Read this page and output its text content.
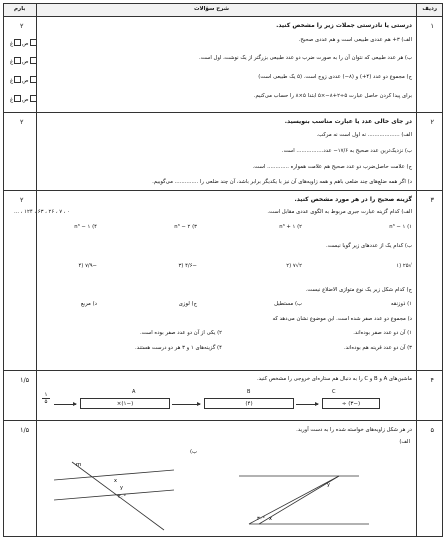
ردیف
شرح سؤالات
بارم
۱
۲	درستی یا نادرستی جملات زیر را مشخص کنید.
الف) ۳+ هم عددی طبیعی است و هم عددی صحیح.
ب) هر عدد طبیعی که نتوان آن را به صورت ضرب دو عدد طبیعی بزرگتر از یک نوشت، اول است.
ج) مجموع دو عدد (۴+) و (۸−) عددی زوج است. (۵ یک طبیعی است)
برای پیدا کردن حاصل عبارت ۵÷۲+۸−×۵ ابتدا ۵×۸ را حساب می‌کنیم.
صغ
صغ
صغ
صغ
۲
۲	در جای خالی عدد یا عبارت مناسب بنویسید.
الف) ................... نه اول است نه مرکب.
ب) نزدیک‌ترین عدد صحیح به ۱۷/۶− عدد................ است.
ج) علامت حاصل‌ضرب دو عدد صحیح هم علامت همواره ............. است.
د) اگر همه ضلع‌های چند ضلعی باهم و همه زاویه‌های آن نیز با یکدیگر برابر باشد، آن چند ضلعی را .............. می‌گوییم.
۳
۲	گزینه صحیح را در هر مورد مشخص کنید.
الف) کدام گزینه عبارت جبری مربوط به الگوی عددی مقابل است.
... ، ۱۲۴ ، ۶۳ ، ۲۶ ، ۷ ، ۰
n³ − ۱ (۱
n³ + ۱ (۲
n³ − ۲ (۳
n³ − ۱ (۴
ب) کدام یک از عددهای زیر گویا نیست.
√۲۵ (۱
۲√۷ (۲
−۴/۶ (۳
−۷/۹ (۴
ج) کدام شکل زیر یک نوع متوازی الاضلاع نیست.
۱) ذوزنقه
ب) مستطیل
ج) لوزی
د) مربع
د) مجموع دو عدد صفر شده است. این موضوع نشان می‌دهد که
۱) آن دو عدد صفر بوده‌اند.
۲) یکی از آن دو عدد صفر بوده است.
۳) آن دو عدد قرینه هم بوده‌اند.
۴) گزینه‌های ۱ و ۳ هر دو درست هستند.
۴
۱/۵	ماشین‌های A و B و C را به دنبال هم ستاره‌ای خروجی را مشخص کنید.
۱
۵
A
×(۱−)
B
(۴)
C
÷ (۳−)
۵
۱/۵	در هر شکل زاویه‌های خواسته شده را به دست آورید.
الف)
ب)
m
x
y
۲۰°
y
x
۳۰°
